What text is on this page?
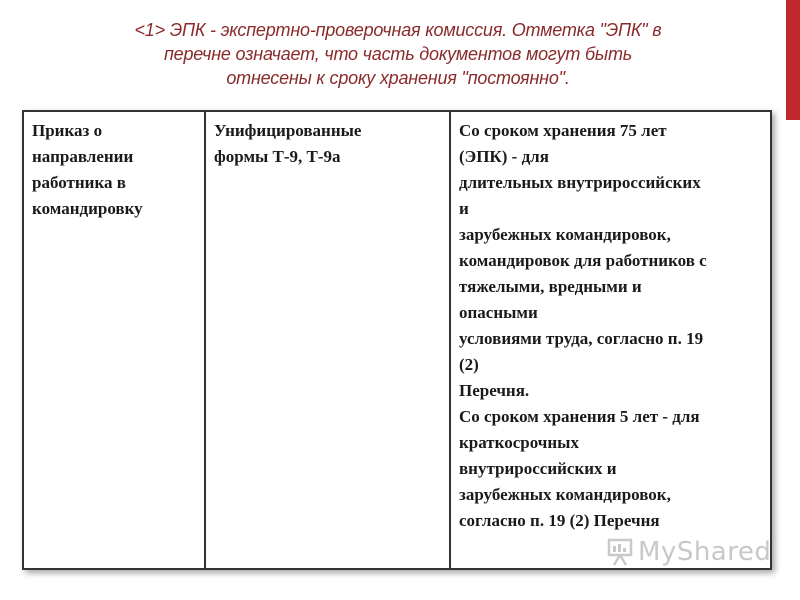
<1> ЭПК - экспертно-проверочная комиссия. Отметка "ЭПК" в
перечне означает, что часть документов могут быть
отнесены к сроку хранения "постоянно".
Приказ о
направлении
работника в
командировку

Унифицированные
формы Т-9, Т-9а

Со сроком хранения 75 лет
(ЭПК) - для
длительных внутрироссийских
и
зарубежных командировок,
командировок для работников с
тяжелыми, вредными и
опасными
условиями труда, согласно п. 19
(2)
Перечня.
Со сроком хранения 5 лет - для
краткосрочных
внутрироссийских и
зарубежных командировок,
согласно п. 19 (2) Перечня
MyShared
